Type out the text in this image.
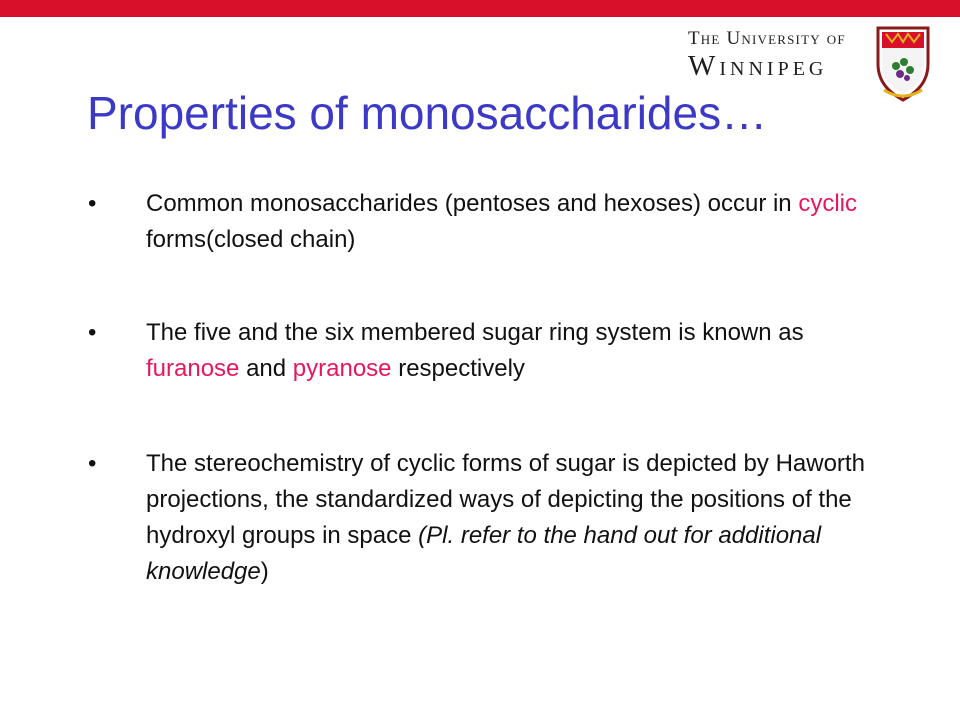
The University of
Winnipeg
Properties of monosaccharides…
• Common monosaccharides (pentoses and hexoses) occur in cyclic forms(closed chain)
• The five and the six membered sugar ring system is known as furanose and pyranose respectively
• The stereochemistry of cyclic forms of sugar is depicted by Haworth projections, the standardized ways of depicting the positions of the hydroxyl groups in space (Pl. refer to the hand out for additional knowledge)
